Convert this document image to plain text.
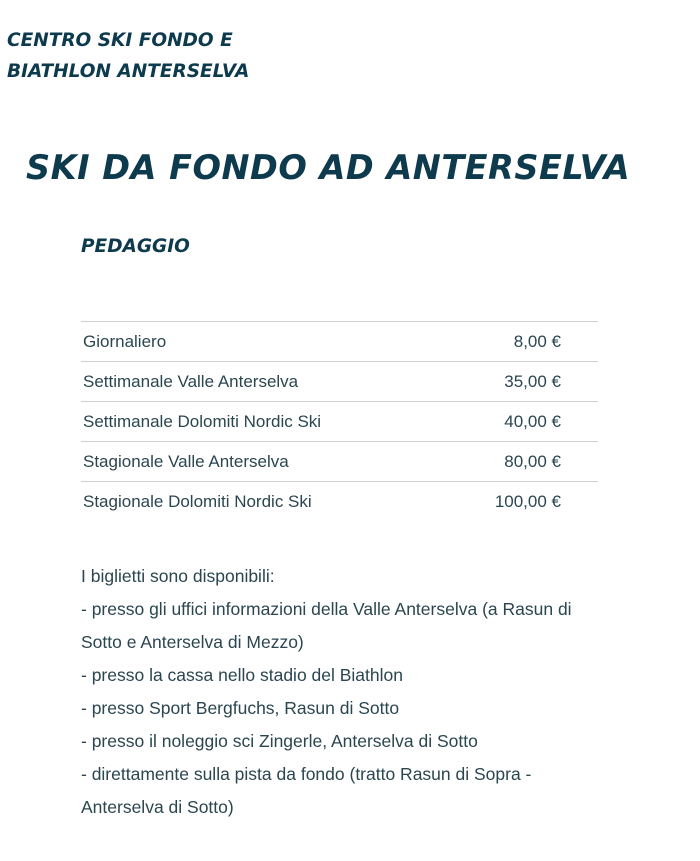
CENTRO SKI FONDO E
BIATHLON ANTERSELVA
SKI DA FONDO AD ANTERSELVA
PEDAGGIO
Giornaliero	8,00 €
Settimanale Valle Anterselva	35,00 €
Settimanale Dolomiti Nordic Ski	40,00 €
Stagionale Valle Anterselva	80,00 €
Stagionale Dolomiti Nordic Ski	100,00 €

I biglietti sono disponibili:

- presso gli uffici informazioni della Valle Anterselva (a Rasun di Sotto e Anterselva di Mezzo)

- presso la cassa nello stadio del Biathlon

- presso Sport Bergfuchs, Rasun di Sotto

- presso il noleggio sci Zingerle, Anterselva di Sotto

- direttamente sulla pista da fondo (tratto Rasun di Sopra - Anterselva di Sotto)
